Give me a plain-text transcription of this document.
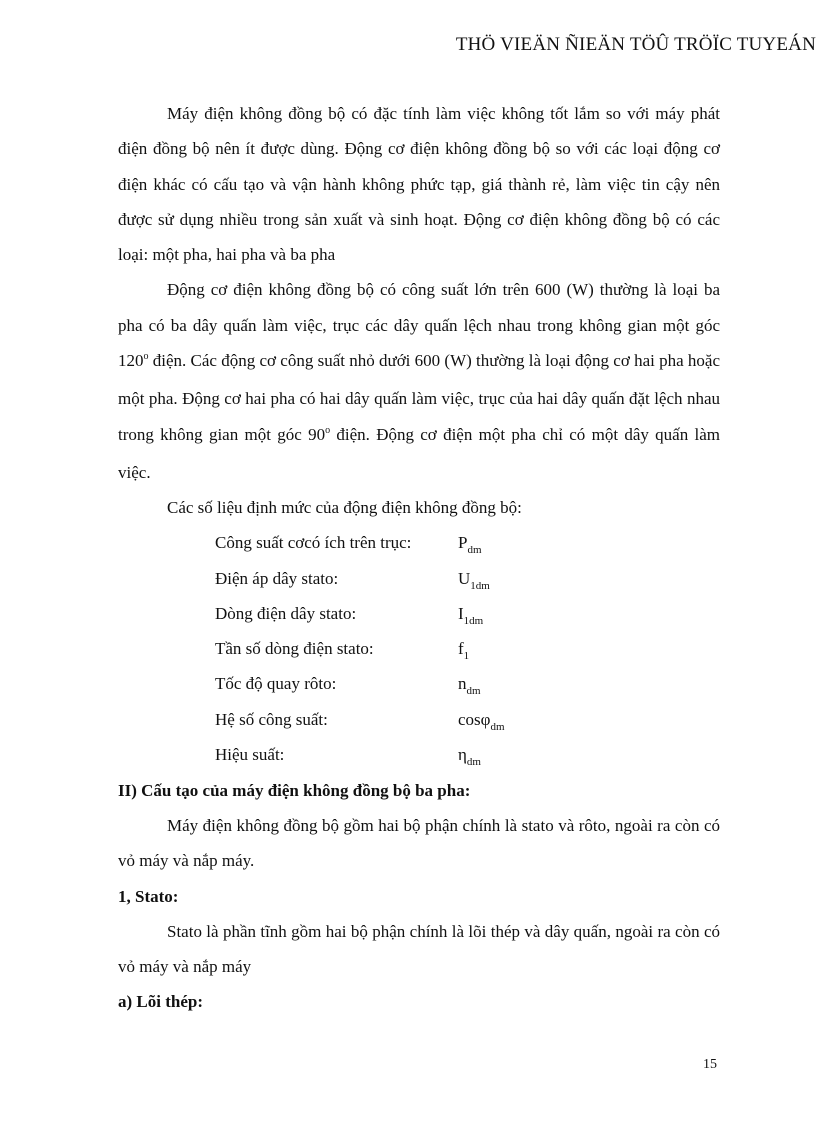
THÖ VIEÄN ÑIEÄN TÖÛ TRÖÏC TUYEÁN

Máy điện không đồng bộ có đặc tính làm việc không tốt lắm so với máy phát điện đồng bộ nên ít được dùng. Động cơ điện không đồng bộ so với các loại động cơ điện khác có cấu tạo và vận hành không phức tạp, giá thành rẻ, làm việc tin cậy nên được sử dụng nhiều trong sản xuất và sinh hoạt. Động cơ điện không đồng bộ có các loại: một pha, hai pha và ba pha

Động cơ điện không đồng bộ có công suất lớn trên 600 (W) thường là loại ba pha có ba dây quấn làm việc, trục các dây quấn lệch nhau trong không gian một góc 120$^o$ điện. Các động cơ công suất nhỏ dưới 600 (W) thường là loại động cơ hai pha hoặc một pha. Động cơ hai pha có hai dây quấn làm việc, trục của hai dây quấn đặt lệch nhau trong không gian một góc 90$^o$ điện. Động cơ điện một pha chỉ có một dây quấn làm việc.

Các số liệu định mức của động điện không đồng bộ:

Công suất cơcó ích trên trục:	$P_{dm}$
Điện áp dây stato:	$U_{1dm}$
Dòng điện dây stato:	$I_{1dm}$
Tần số dòng điện stato:	$f_1$
Tốc độ quay rôto:	$n_{dm}$
Hệ số công suất:	cosφ$_{dm}$
Hiệu suất:	$\eta_{dm}$

II) Cấu tạo của máy điện không đồng bộ ba pha:

Máy điện không đồng bộ gồm hai bộ phận chính là stato và rôto, ngoài ra còn có vỏ máy và nắp máy.

1, Stato:

Stato là phần tĩnh gồm hai bộ phận chính là lõi thép và dây quấn, ngoài ra còn có vỏ máy và nắp máy

a) Lõi thép:

15
